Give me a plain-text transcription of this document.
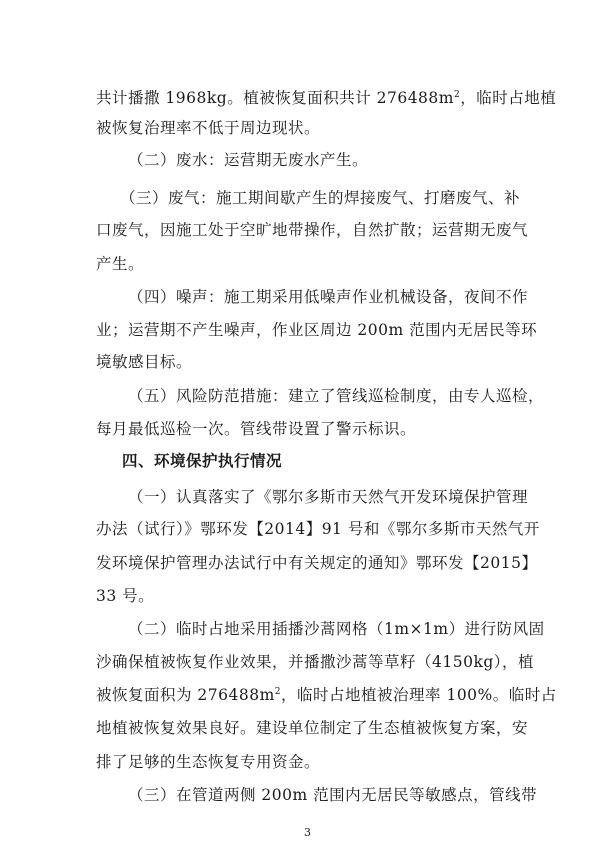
共计播撒 1968kg。植被恢复面积共计 $276488m^2$，临时占地植
被恢复治理率不低于周边现状。
（二）废水：运营期无废水产生。
（三）废气：施工期间歇产生的焊接废气、打磨废气、补
口废气，因施工处于空旷地带操作，自然扩散；运营期无废气
产生。
（四）噪声：施工期采用低噪声作业机械设备，夜间不作
业；运营期不产生噪声，作业区周边 200m 范围内无居民等环
境敏感目标。
（五）风险防范措施：建立了管线巡检制度，由专人巡检，
每月最低巡检一次。管线带设置了警示标识。
四、环境保护执行情况
（一）认真落实了《鄂尔多斯市天然气开发环境保护管理
办法（试行）》鄂环发【2014】91 号和《鄂尔多斯市天然气开
发环境保护管理办法试行中有关规定的通知》鄂环发【2015】
33 号。
（二）临时占地采用插播沙蒿网格（1m×1m）进行防风固
沙确保植被恢复作业效果，并播撒沙蒿等草籽（4150kg），植
被恢复面积为 $276488m^2$，临时占地植被治理率 100%。临时占
地植被恢复效果良好。建设单位制定了生态植被恢复方案，安
排了足够的生态恢复专用资金。
（三）在管道两侧 200m 范围内无居民等敏感点，管线带
3
